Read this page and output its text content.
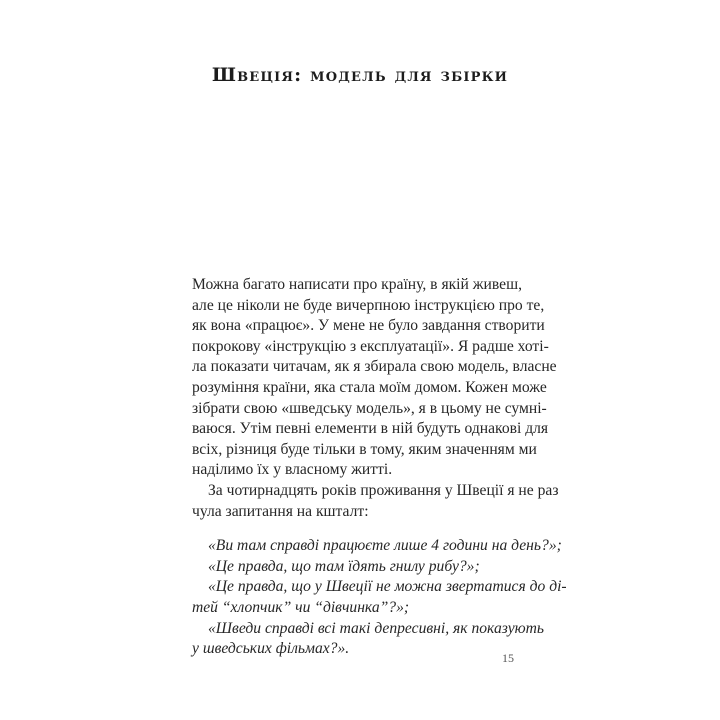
Швеція: модель для збірки
Можна багато написати про країну, в якій живеш,
але це ніколи не буде вичерпною інструкцією про те,
як вона «працює». У мене не було завдання створити
покрокову «інструкцію з експлуатації». Я радше хоті-
ла показати читачам, як я збирала свою модель, власне
розуміння країни, яка стала моїм домом. Кожен може
зібрати свою «шведську модель», я в цьому не сумні-
ваюся. Утім певні елементи в ній будуть однакові для
всіх, різниця буде тільки в тому, яким значенням ми
наділимо їх у власному житті.
За чотирнадцять років проживання у Швеції я не раз
чула запитання на кшталт:
«Ви там справді працюєте лише 4 години на день?»;
«Це правда, що там їдять гнилу рибу?»;
«Це правда, що у Швеції не можна звертатися до ді-
тей “хлопчик” чи “дівчинка”?»;
«Шведи справді всі такі депресивні, як показують
у шведських фільмах?».
15
